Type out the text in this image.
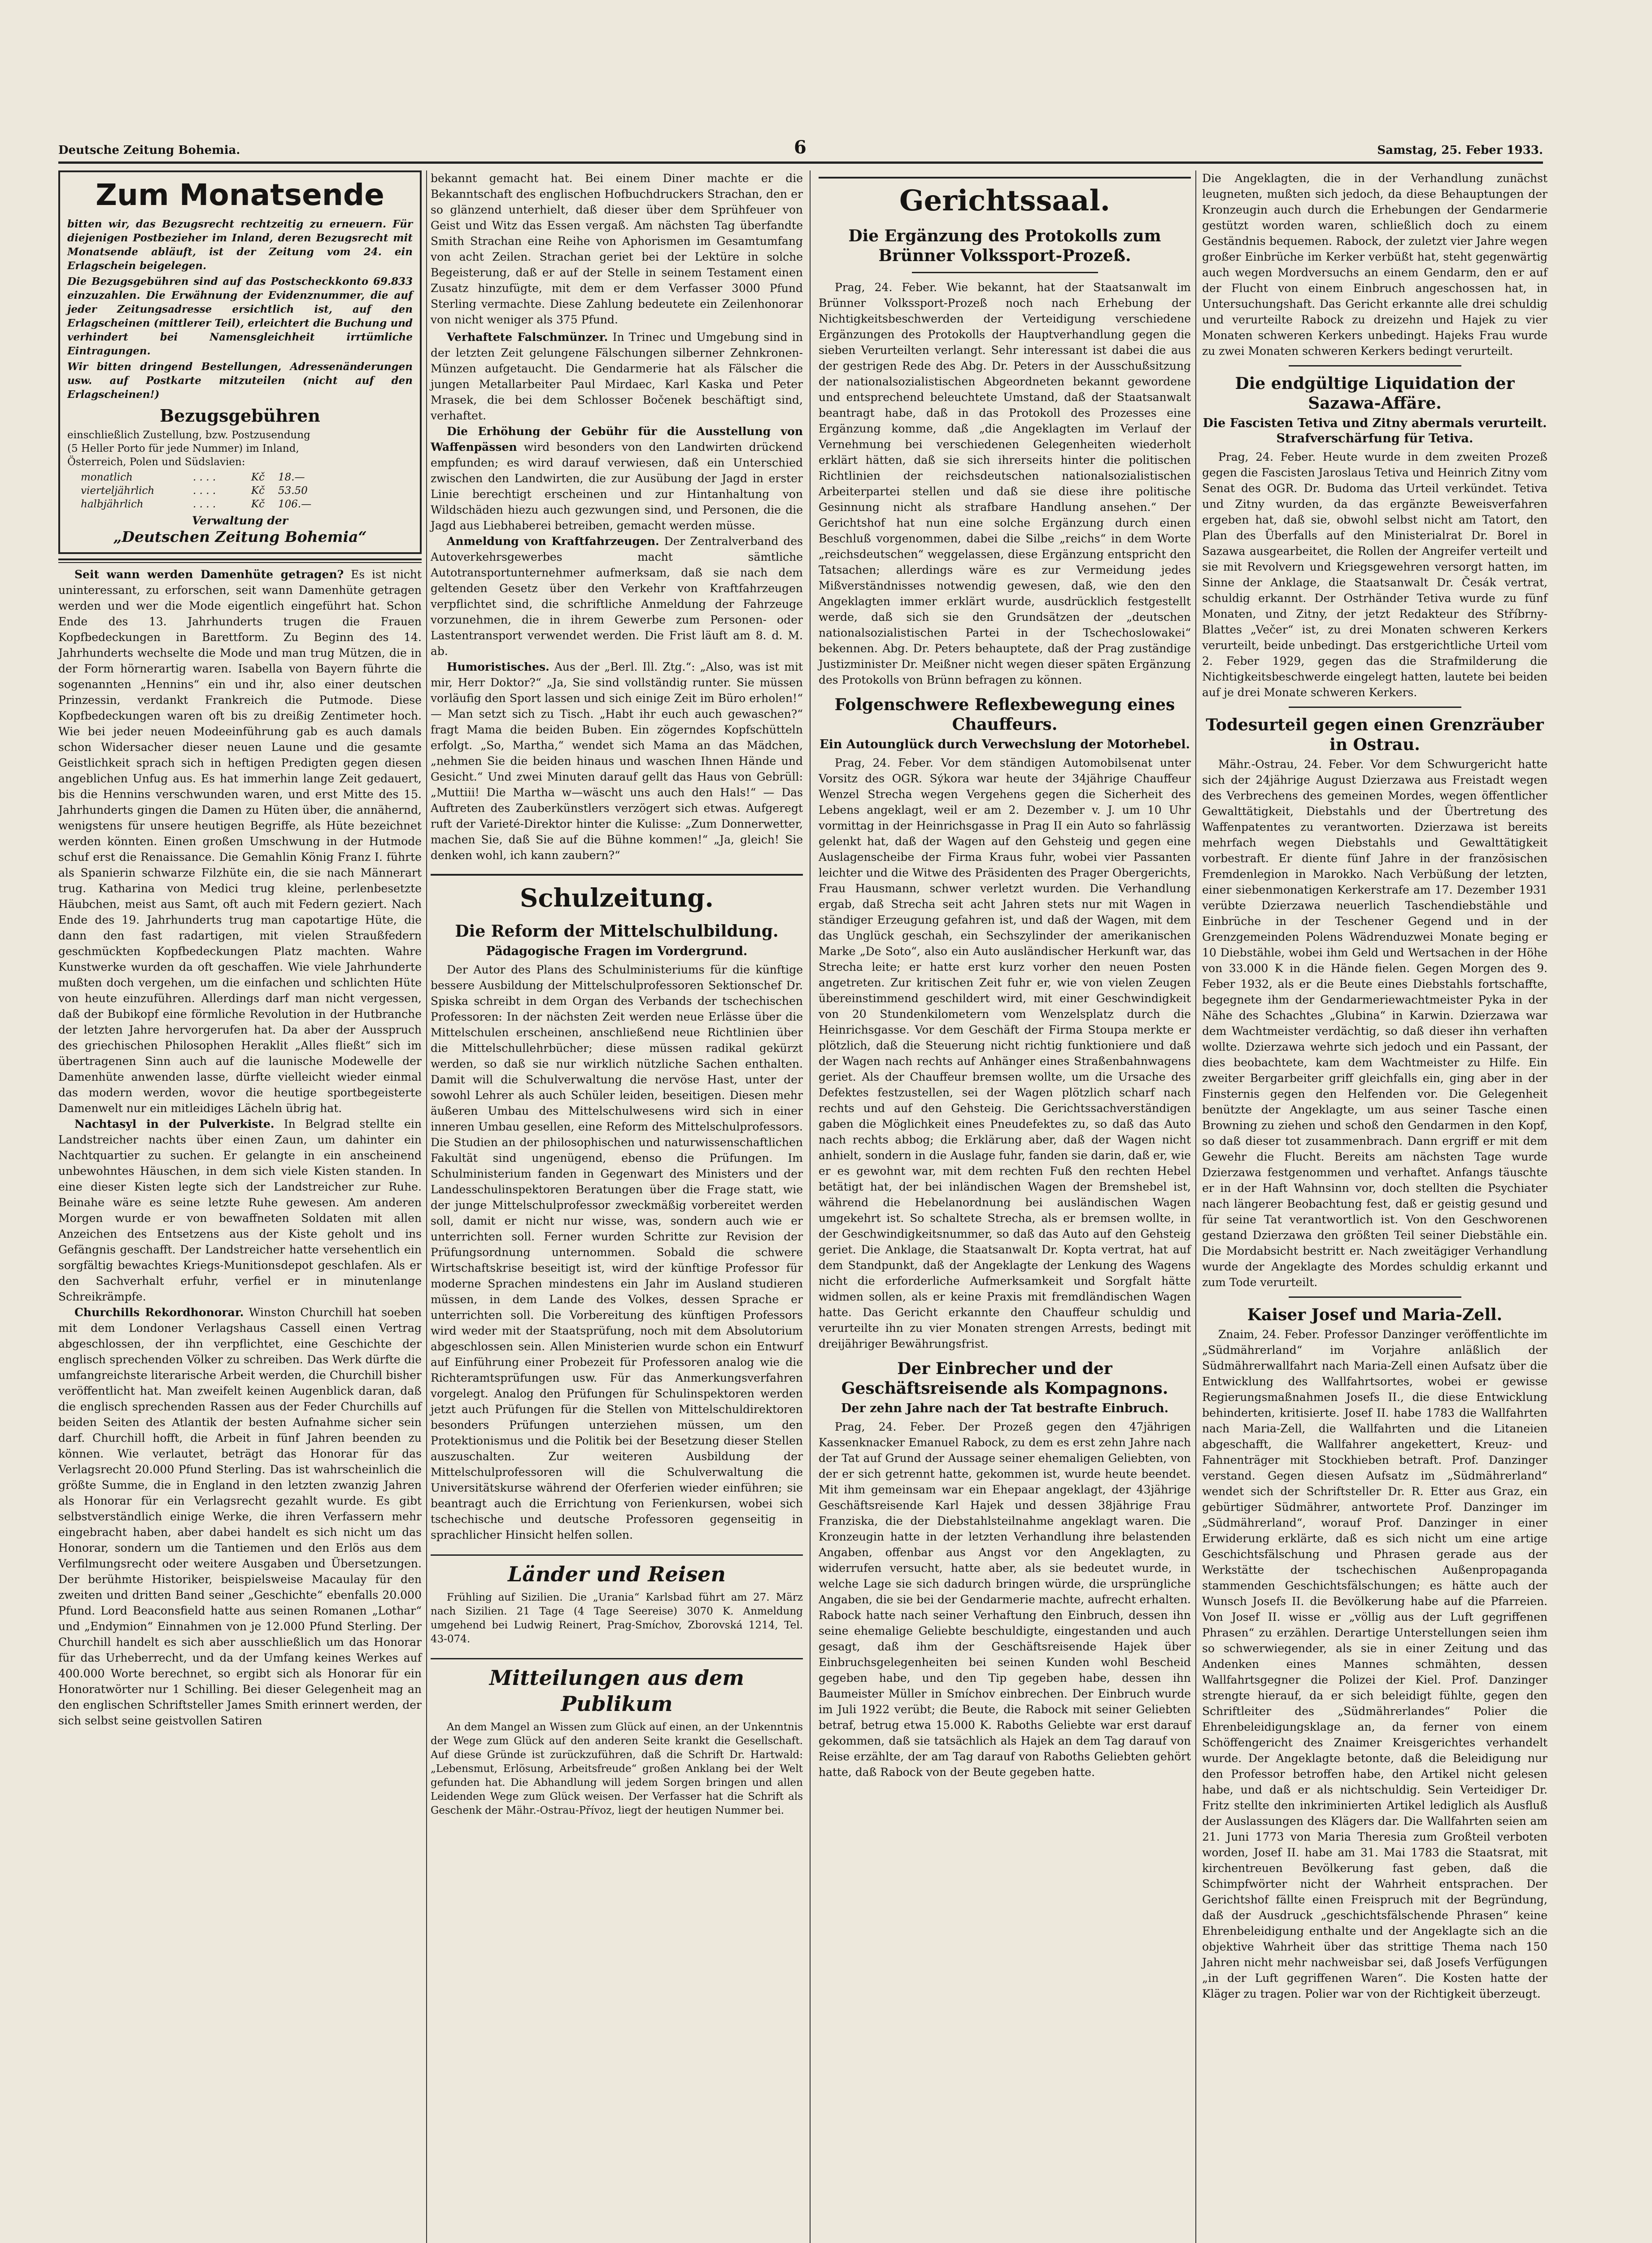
Deutsche Zeitung Bohemia.	6	Samstag, 25. Feber 1933.
Zum Monatsende

bitten wir, das Bezugsrecht rechtzeitig zu erneuern. Für diejenigen Postbezieher im Inland, deren Bezugsrecht mit Monatsende abläuft, ist der Zeitung vom 24. ein Erlagschein beigelegen.

Die Bezugsgebühren sind auf das Postscheckkonto 69.833 einzuzahlen. Die Erwähnung der Evidenznummer, die auf jeder Zeitungsadresse ersichtlich ist, auf den Erlagscheinen (mittlerer Teil), erleichtert die Buchung und verhindert bei Namensgleichheit irrtümliche Eintragungen.

Wir bitten dringend Bestellungen, Adressenänderungen usw. auf Postkarte mitzuteilen (nicht auf den Erlagscheinen!)

Bezugsgebühren
einschließlich Zustellung, bzw. Postzusendung
(5 Heller Porto für jede Nummer) im Inland,
Österreich, Polen und Südslavien:
monatlich	. . . .	Kč	18.—
vierteljährlich	. . . .	Kč	53.50
halbjährlich	. . . .	Kč	106.—
Verwaltung der
„Deutschen Zeitung Bohemia“

Seit wann werden Damenhüte getragen? Es ist nicht uninteressant, zu erforschen, seit wann Damenhüte getragen werden und wer die Mode eigentlich eingeführt hat. Schon Ende des 13. Jahrhunderts trugen die Frauen Kopfbedeckungen in Barettform. Zu Beginn des 14. Jahrhunderts wechselte die Mode und man trug Mützen, die in der Form hörnerartig waren. Isabella von Bayern führte die sogenannten „Hennins“ ein und ihr, also einer deutschen Prinzessin, verdankt Frankreich die Putmode. Diese Kopfbedeckungen waren oft bis zu dreißig Zentimeter hoch. Wie bei jeder neuen Modeeinführung gab es auch damals schon Widersacher dieser neuen Laune und die gesamte Geistlichkeit sprach sich in heftigen Predigten gegen diesen angeblichen Unfug aus. Es hat immerhin lange Zeit gedauert, bis die Hennins verschwunden waren, und erst Mitte des 15. Jahrhunderts gingen die Damen zu Hüten über, die annähernd, wenigstens für unsere heutigen Begriffe, als Hüte bezeichnet werden könnten. Einen großen Umschwung in der Hutmode schuf erst die Renaissance. Die Gemahlin König Franz I. führte als Spanierin schwarze Filzhüte ein, die sie nach Männerart trug. Katharina von Medici trug kleine, perlenbesetzte Häubchen, meist aus Samt, oft auch mit Federn geziert. Nach Ende des 19. Jahrhunderts trug man capotartige Hüte, die dann den fast radartigen, mit vielen Straußfedern geschmückten Kopfbedeckungen Platz machten. Wahre Kunstwerke wurden da oft geschaffen. Wie viele Jahrhunderte mußten doch vergehen, um die einfachen und schlichten Hüte von heute einzuführen. Allerdings darf man nicht vergessen, daß der Bubikopf eine förmliche Revolution in der Hutbranche der letzten Jahre hervorgerufen hat. Da aber der Ausspruch des griechischen Philosophen Heraklit „Alles fließt“ sich im übertragenen Sinn auch auf die launische Modewelle der Damenhüte anwenden lasse, dürfte vielleicht wieder einmal das modern werden, wovor die heutige sportbegeisterte Damenwelt nur ein mitleidiges Lächeln übrig hat.

Nachtasyl in der Pulverkiste. In Belgrad stellte ein Landstreicher nachts über einen Zaun, um dahinter ein Nachtquartier zu suchen. Er gelangte in ein anscheinend unbewohntes Häuschen, in dem sich viele Kisten standen. In eine dieser Kisten legte sich der Landstreicher zur Ruhe. Beinahe wäre es seine letzte Ruhe gewesen. Am anderen Morgen wurde er von bewaffneten Soldaten mit allen Anzeichen des Entsetzens aus der Kiste geholt und ins Gefängnis geschafft. Der Landstreicher hatte versehentlich ein sorgfältig bewachtes Kriegs-Munitionsdepot geschlafen. Als er den Sachverhalt erfuhr, verfiel er in minutenlange Schreikrämpfe.

Churchills Rekordhonorar. Winston Churchill hat soeben mit dem Londoner Verlagshaus Cassell einen Vertrag abgeschlossen, der ihn verpflichtet, eine Geschichte der englisch sprechenden Völker zu schreiben. Das Werk dürfte die umfangreichste literarische Arbeit werden, die Churchill bisher veröffentlicht hat. Man zweifelt keinen Augenblick daran, daß die englisch sprechenden Rassen aus der Feder Churchills auf beiden Seiten des Atlantik der besten Aufnahme sicher sein darf. Churchill hofft, die Arbeit in fünf Jahren beenden zu können. Wie verlautet, beträgt das Honorar für das Verlagsrecht 20.000 Pfund Sterling. Das ist wahrscheinlich die größte Summe, die in England in den letzten zwanzig Jahren als Honorar für ein Verlagsrecht gezahlt wurde. Es gibt selbstverständlich einige Werke, die ihren Verfassern mehr eingebracht haben, aber dabei handelt es sich nicht um das Honorar, sondern um die Tantiemen und den Erlös aus dem Verfilmungsrecht oder weitere Ausgaben und Übersetzungen. Der berühmte Historiker, beispielsweise Macaulay für den zweiten und dritten Band seiner „Geschichte“ ebenfalls 20.000 Pfund. Lord Beaconsfield hatte aus seinen Romanen „Lothar“ und „Endymion“ Einnahmen von je 12.000 Pfund Sterling. Der Churchill handelt es sich aber ausschließlich um das Honorar für das Urheberrecht, und da der Umfang keines Werkes auf 400.000 Worte berechnet, so ergibt sich als Honorar für ein Honoratwörter nur 1 Schilling. Bei dieser Gelegenheit mag an den englischen Schriftsteller James Smith erinnert werden, der sich selbst seine geistvollen Satiren

bekannt gemacht hat. Bei einem Diner machte er die Bekanntschaft des englischen Hofbuchdruckers Strachan, den er so glänzend unterhielt, daß dieser über dem Sprühfeuer von Geist und Witz das Essen vergaß. Am nächsten Tag überfandte Smith Strachan eine Reihe von Aphorismen im Gesamtumfang von acht Zeilen. Strachan geriet bei der Lektüre in solche Begeisterung, daß er auf der Stelle in seinem Testament einen Zusatz hinzufügte, mit dem er dem Verfasser 3000 Pfund Sterling vermachte. Diese Zahlung bedeutete ein Zeilenhonorar von nicht weniger als 375 Pfund.

Verhaftete Falschmünzer. In Trinec und Umgebung sind in der letzten Zeit gelungene Fälschungen silberner Zehnkronen-Münzen aufgetaucht. Die Gendarmerie hat als Fälscher die jungen Metallarbeiter Paul Mirdaec, Karl Kaska und Peter Mrasek, die bei dem Schlosser Bočenek beschäftigt sind, verhaftet.

Die Erhöhung der Gebühr für die Ausstellung von Waffenpässen wird besonders von den Landwirten drückend empfunden; es wird darauf verwiesen, daß ein Unterschied zwischen den Landwirten, die zur Ausübung der Jagd in erster Linie berechtigt erscheinen und zur Hintanhaltung von Wildschäden hiezu auch gezwungen sind, und Personen, die die Jagd aus Liebhaberei betreiben, gemacht werden müsse.

Anmeldung von Kraftfahrzeugen. Der Zentralverband des Autoverkehrsgewerbes macht sämtliche Autotransportunternehmer aufmerksam, daß sie nach dem geltenden Gesetz über den Verkehr von Kraftfahrzeugen verpflichtet sind, die schriftliche Anmeldung der Fahrzeuge vorzunehmen, die in ihrem Gewerbe zum Personen- oder Lastentransport verwendet werden. Die Frist läuft am 8. d. M. ab.

Humoristisches. Aus der „Berl. Ill. Ztg.“: „Also, was ist mit mir, Herr Doktor?“ „Ja, Sie sind vollständig runter. Sie müssen vorläufig den Sport lassen und sich einige Zeit im Büro erholen!“ — Man setzt sich zu Tisch. „Habt ihr euch auch gewaschen?“ fragt Mama die beiden Buben. Ein zögerndes Kopfschütteln erfolgt. „So, Martha,“ wendet sich Mama an das Mädchen, „nehmen Sie die beiden hinaus und waschen Ihnen Hände und Gesicht.“ Und zwei Minuten darauf gellt das Haus von Gebrüll: „Muttiii! Die Martha w—wäscht uns auch den Hals!“ — Das Auftreten des Zauberkünstlers verzögert sich etwas. Aufgeregt ruft der Varieté-Direktor hinter die Kulisse: „Zum Donnerwetter, machen Sie, daß Sie auf die Bühne kommen!“ „Ja, gleich! Sie denken wohl, ich kann zaubern?“

Schulzeitung.
Die Reform der Mittelschulbildung.
Pädagogische Fragen im Vordergrund.

Der Autor des Plans des Schulministeriums für die künftige bessere Ausbildung der Mittelschulprofessoren Sektionschef Dr. Spiska schreibt in dem Organ des Verbands der tschechischen Professoren: In der nächsten Zeit werden neue Erlässe über die Mittelschulen erscheinen, anschließend neue Richtlinien über die Mittelschullehrbücher; diese müssen radikal gekürzt werden, so daß sie nur wirklich nützliche Sachen enthalten. Damit will die Schulverwaltung die nervöse Hast, unter der sowohl Lehrer als auch Schüler leiden, beseitigen. Diesen mehr äußeren Umbau des Mittelschulwesens wird sich in einer inneren Umbau gesellen, eine Reform des Mittelschulprofessors. Die Studien an der philosophischen und naturwissenschaftlichen Fakultät sind ungenügend, ebenso die Prüfungen. Im Schulministerium fanden in Gegenwart des Ministers und der Landesschulinspektoren Beratungen über die Frage statt, wie der junge Mittelschulprofessor zweckmäßig vorbereitet werden soll, damit er nicht nur wisse, was, sondern auch wie er unterrichten soll. Ferner wurden Schritte zur Revision der Prüfungsordnung unternommen. Sobald die schwere Wirtschaftskrise beseitigt ist, wird der künftige Professor für moderne Sprachen mindestens ein Jahr im Ausland studieren müssen, in dem Lande des Volkes, dessen Sprache er unterrichten soll. Die Vorbereitung des künftigen Professors wird weder mit der Staatsprüfung, noch mit dem Absolutorium abgeschlossen sein. Allen Ministerien wurde schon ein Entwurf auf Einführung einer Probezeit für Professoren analog wie die Richteramtsprüfungen usw. Für das Anmerkungsverfahren vorgelegt. Analog den Prüfungen für Schulinspektoren werden jetzt auch Prüfungen für die Stellen von Mittelschuldirektoren besonders Prüfungen unterziehen müssen, um den Protektionismus und die Politik bei der Besetzung dieser Stellen auszuschalten. Zur weiteren Ausbildung der Mittelschulprofessoren will die Schulverwaltung die Universitätskurse während der Oferferien wieder einführen; sie beantragt auch die Errichtung von Ferienkursen, wobei sich tschechische und deutsche Professoren gegenseitig in sprachlicher Hinsicht helfen sollen.

Länder und Reisen

Frühling auf Sizilien. Die „Urania“ Karlsbad führt am 27. März nach Sizilien. 21 Tage (4 Tage Seereise) 3070 K. Anmeldung umgehend bei Ludwig Reinert, Prag-Smíchov, Zborovská 1214, Tel. 43-074.

Mitteilungen aus dem Publikum

An dem Mangel an Wissen zum Glück auf einen, an der Unkenntnis der Wege zum Glück auf den anderen Seite krankt die Gesellschaft. Auf diese Gründe ist zurückzuführen, daß die Schrift Dr. Hartwald: „Lebensmut, Erlösung, Arbeitsfreude“ großen Anklang bei der Welt gefunden hat. Die Abhandlung will jedem Sorgen bringen und allen Leidenden Wege zum Glück weisen. Der Verfasser hat die Schrift als Geschenk der Mähr.-Ostrau-Přívoz, liegt der heutigen Nummer bei.

Gerichtssaal.
Die Ergänzung des Protokolls zum Brünner Volkssport-Prozeß.

Prag, 24. Feber. Wie bekannt, hat der Staatsanwalt im Brünner Volkssport-Prozeß noch nach Erhebung der Nichtigkeitsbeschwerden der Verteidigung verschiedene Ergänzungen des Protokolls der Hauptverhandlung gegen die sieben Verurteilten verlangt. Sehr interessant ist dabei die aus der gestrigen Rede des Abg. Dr. Peters in der Ausschußsitzung der nationalsozialistischen Abgeordneten bekannt gewordene und entsprechend beleuchtete Umstand, daß der Staatsanwalt beantragt habe, daß in das Protokoll des Prozesses eine Ergänzung komme, daß „die Angeklagten im Verlauf der Vernehmung bei verschiedenen Gelegenheiten wiederholt erklärt hätten, daß sie sich ihrerseits hinter die politischen Richtlinien der reichsdeutschen nationalsozialistischen Arbeiterpartei stellen und daß sie diese ihre politische Gesinnung nicht als strafbare Handlung ansehen.“ Der Gerichtshof hat nun eine solche Ergänzung durch einen Beschluß vorgenommen, dabei die Silbe „reichs“ in dem Worte „reichsdeutschen“ weggelassen, diese Ergänzung entspricht den Tatsachen; allerdings wäre es zur Vermeidung jedes Mißverständnisses notwendig gewesen, daß, wie den den Angeklagten immer erklärt wurde, ausdrücklich festgestellt werde, daß sich sie den Grundsätzen der „deutschen nationalsozialistischen Partei in der Tschechoslowakei“ bekennen. Abg. Dr. Peters behauptete, daß der Prag zuständige Justizminister Dr. Meißner nicht wegen dieser späten Ergänzung des Protokolls von Brünn befragen zu können.

Folgenschwere Reflexbewegung eines Chauffeurs.
Ein Autounglück durch Verwechslung der Motorhebel.

Prag, 24. Feber. Vor dem ständigen Automobilsenat unter Vorsitz des OGR. Sýkora war heute der 34jährige Chauffeur Wenzel Strecha wegen Vergehens gegen die Sicherheit des Lebens angeklagt, weil er am 2. Dezember v. J. um 10 Uhr vormittag in der Heinrichsgasse in Prag II ein Auto so fahrlässig gelenkt hat, daß der Wagen auf den Gehsteig und gegen eine Auslagenscheibe der Firma Kraus fuhr, wobei vier Passanten leichter und die Witwe des Präsidenten des Prager Obergerichts, Frau Hausmann, schwer verletzt wurden. Die Verhandlung ergab, daß Strecha seit acht Jahren stets nur mit Wagen in ständiger Erzeugung gefahren ist, und daß der Wagen, mit dem das Unglück geschah, ein Sechszylinder der amerikanischen Marke „De Soto“, also ein Auto ausländischer Herkunft war, das Strecha leite; er hatte erst kurz vorher den neuen Posten angetreten. Zur kritischen Zeit fuhr er, wie von vielen Zeugen übereinstimmend geschildert wird, mit einer Geschwindigkeit von 20 Stundenkilometern vom Wenzelsplatz durch die Heinrichsgasse. Vor dem Geschäft der Firma Stoupa merkte er plötzlich, daß die Steuerung nicht richtig funktioniere und daß der Wagen nach rechts auf Anhänger eines Straßenbahnwagens geriet. Als der Chauffeur bremsen wollte, um die Ursache des Defektes festzustellen, sei der Wagen plötzlich scharf nach rechts und auf den Gehsteig. Die Gerichtssachverständigen gaben die Möglichkeit eines Pneudefektes zu, so daß das Auto nach rechts abbog; die Erklärung aber, daß der Wagen nicht anhielt, sondern in die Auslage fuhr, fanden sie darin, daß er, wie er es gewohnt war, mit dem rechten Fuß den rechten Hebel betätigt hat, der bei inländischen Wagen der Bremshebel ist, während die Hebelanordnung bei ausländischen Wagen umgekehrt ist. So schaltete Strecha, als er bremsen wollte, in der Geschwindigkeitsnummer, so daß das Auto auf den Gehsteig geriet. Die Anklage, die Staatsanwalt Dr. Kopta vertrat, hat auf dem Standpunkt, daß der Angeklagte der Lenkung des Wagens nicht die erforderliche Aufmerksamkeit und Sorgfalt hätte widmen sollen, als er keine Praxis mit fremdländischen Wagen hatte. Das Gericht erkannte den Chauffeur schuldig und verurteilte ihn zu vier Monaten strengen Arrests, bedingt mit dreijähriger Bewährungsfrist.

Der Einbrecher und der Geschäftsreisende als Kompagnons.
Der zehn Jahre nach der Tat bestrafte Einbruch.

Prag, 24. Feber. Der Prozeß gegen den 47jährigen Kassenknacker Emanuel Rabock, zu dem es erst zehn Jahre nach der Tat auf Grund der Aussage seiner ehemaligen Geliebten, von der er sich getrennt hatte, gekommen ist, wurde heute beendet. Mit ihm gemeinsam war ein Ehepaar angeklagt, der 43jährige Geschäftsreisende Karl Hajek und dessen 38jährige Frau Franziska, die der Diebstahlsteilnahme angeklagt waren. Die Kronzeugin hatte in der letzten Verhandlung ihre belastenden Angaben, offenbar aus Angst vor den Angeklagten, zu widerrufen versucht, hatte aber, als sie bedeutet wurde, in welche Lage sie sich dadurch bringen würde, die ursprüngliche Angaben, die sie bei der Gendarmerie machte, aufrecht erhalten. Rabock hatte nach seiner Verhaftung den Einbruch, dessen ihn seine ehemalige Geliebte beschuldigte, eingestanden und auch gesagt, daß ihm der Geschäftsreisende Hajek über Einbruchsgelegenheiten bei seinen Kunden wohl Bescheid gegeben habe, und den Tip gegeben habe, dessen ihn Baumeister Müller in Smíchov einbrechen. Der Einbruch wurde im Juli 1922 verübt; die Beute, die Rabock mit seiner Geliebten betraf, betrug etwa 15.000 K. Raboths Geliebte war erst darauf gekommen, daß sie tatsächlich als Hajek an dem Tag darauf von Reise erzählte, der am Tag darauf von Raboths Geliebten gehört hatte, daß Rabock von der Beute gegeben hatte.

Die Angeklagten, die in der Verhandlung zunächst leugneten, mußten sich jedoch, da diese Behauptungen der Kronzeugin auch durch die Erhebungen der Gendarmerie gestützt worden waren, schließlich doch zu einem Geständnis bequemen. Rabock, der zuletzt vier Jahre wegen großer Einbrüche im Kerker verbüßt hat, steht gegenwärtig auch wegen Mordversuchs an einem Gendarm, den er auf der Flucht von einem Einbruch angeschossen hat, in Untersuchungshaft. Das Gericht erkannte alle drei schuldig und verurteilte Rabock zu dreizehn und Hajek zu vier Monaten schweren Kerkers unbedingt. Hajeks Frau wurde zu zwei Monaten schweren Kerkers bedingt verurteilt.

Die endgültige Liquidation der Sazawa-Affäre.
Die Fascisten Tetiva und Zitny abermals verurteilt. Strafverschärfung für Tetiva.

Prag, 24. Feber. Heute wurde in dem zweiten Prozeß gegen die Fascisten Jaroslaus Tetiva und Heinrich Zitny vom Senat des OGR. Dr. Budoma das Urteil verkündet. Tetiva und Zitny wurden, da das ergänzte Beweisverfahren ergeben hat, daß sie, obwohl selbst nicht am Tatort, den Plan des Überfalls auf den Ministerialrat Dr. Borel in Sazawa ausgearbeitet, die Rollen der Angreifer verteilt und sie mit Revolvern und Kriegsgewehren versorgt hatten, im Sinne der Anklage, die Staatsanwalt Dr. Česák vertrat, schuldig erkannt. Der Ostrhänder Tetiva wurde zu fünf Monaten, und Zitny, der jetzt Redakteur des Stříbrny-Blattes „Večer“ ist, zu drei Monaten schweren Kerkers verurteilt, beide unbedingt. Das erstgerichtliche Urteil vom 2. Feber 1929, gegen das die Strafmilderung die Nichtigkeitsbeschwerde eingelegt hatten, lautete bei beiden auf je drei Monate schweren Kerkers.

Todesurteil gegen einen Grenzräuber in Ostrau.

Mähr.-Ostrau, 24. Feber. Vor dem Schwurgericht hatte sich der 24jährige August Dzierzawa aus Freistadt wegen des Verbrechens des gemeinen Mordes, wegen öffentlicher Gewalttätigkeit, Diebstahls und der Übertretung des Waffenpatentes zu verantworten. Dzierzawa ist bereits mehrfach wegen Diebstahls und Gewalttätigkeit vorbestraft. Er diente fünf Jahre in der französischen Fremdenlegion in Marokko. Nach Verbüßung der letzten, einer siebenmonatigen Kerkerstrafe am 17. Dezember 1931 verübte Dzierzawa neuerlich Taschendiebstähle und Einbrüche in der Teschener Gegend und in der Grenzgemeinden Polens Wädrenduzwei Monate beging er 10 Diebstähle, wobei ihm Geld und Wertsachen in der Höhe von 33.000 K in die Hände fielen. Gegen Morgen des 9. Feber 1932, als er die Beute eines Diebstahls fortschaffte, begegnete ihm der Gendarmeriewachtmeister Pyka in der Nähe des Schachtes „Glubina“ in Karwin. Dzierzawa war dem Wachtmeister verdächtig, so daß dieser ihn verhaften wollte. Dzierzawa wehrte sich jedoch und ein Passant, der dies beobachtete, kam dem Wachtmeister zu Hilfe. Ein zweiter Bergarbeiter griff gleichfalls ein, ging aber in der Finsternis gegen den Helfenden vor. Die Gelegenheit benützte der Angeklagte, um aus seiner Tasche einen Browning zu ziehen und schoß den Gendarmen in den Kopf, so daß dieser tot zusammenbrach. Dann ergriff er mit dem Gewehr die Flucht. Bereits am nächsten Tage wurde Dzierzawa festgenommen und verhaftet. Anfangs täuschte er in der Haft Wahnsinn vor, doch stellten die Psychiater nach längerer Beobachtung fest, daß er geistig gesund und für seine Tat verantwortlich ist. Von den Geschworenen gestand Dzierzawa den größten Teil seiner Diebstähle ein. Die Mordabsicht bestritt er. Nach zweitägiger Verhandlung wurde der Angeklagte des Mordes schuldig erkannt und zum Tode verurteilt.

Kaiser Josef und Maria-Zell.

Znaim, 24. Feber. Professor Danzinger veröffentlichte im „Südmährerland“ im Vorjahre anläßlich der Südmährerwallfahrt nach Maria-Zell einen Aufsatz über die Entwicklung des Wallfahrtsortes, wobei er gewisse Regierungsmaßnahmen Josefs II., die diese Entwicklung behinderten, kritisierte. Josef II. habe 1783 die Wallfahrten nach Maria-Zell, die Wallfahrten und die Litaneien abgeschafft, die Wallfahrer angekettert, Kreuz- und Fahnenträger mit Stockhieben betraft. Prof. Danzinger verstand. Gegen diesen Aufsatz im „Südmährerland“ wendet sich der Schriftsteller Dr. R. Etter aus Graz, ein gebürtiger Südmährer, antwortete Prof. Danzinger im „Südmährerland“, worauf Prof. Danzinger in einer Erwiderung erklärte, daß es sich nicht um eine artige Geschichtsfälschung und Phrasen gerade aus der Werkstätte der tschechischen Außenpropaganda stammenden Geschichtsfälschungen; es hätte auch der Wunsch Josefs II. die Bevölkerung habe auf die Pfarreien. Von Josef II. wisse er „völlig aus der Luft gegriffenen Phrasen“ zu erzählen. Derartige Unterstellungen seien ihm so schwerwiegender, als sie in einer Zeitung und das Andenken eines Mannes schmähten, dessen Wallfahrtsgegner die Polizei der Kiel. Prof. Danzinger strengte hierauf, da er sich beleidigt fühlte, gegen den Schriftleiter des „Südmährerlandes“ Polier die Ehrenbeleidigungsklage an, da ferner von einem Schöffengericht des Znaimer Kreisgerichtes verhandelt wurde. Der Angeklagte betonte, daß die Beleidigung nur den Professor betroffen habe, den Artikel nicht gelesen habe, und daß er als nichtschuldig. Sein Verteidiger Dr. Fritz stellte den inkriminierten Artikel lediglich als Ausfluß der Auslassungen des Klägers dar. Die Wallfahrten seien am 21. Juni 1773 von Maria Theresia zum Großteil verboten worden, Josef II. habe am 31. Mai 1783 die Staatsrat, mit kirchentreuen Bevölkerung fast geben, daß die Schimpfwörter nicht der Wahrheit entsprachen. Der Gerichtshof fällte einen Freispruch mit der Begründung, daß der Ausdruck „geschichtsfälschende Phrasen“ keine Ehrenbeleidigung enthalte und der Angeklagte sich an die objektive Wahrheit über das strittige Thema nach 150 Jahren nicht mehr nachweisbar sei, daß Josefs Verfügungen „in der Luft gegriffenen Waren“. Die Kosten hatte der Kläger zu tragen. Polier war von der Richtigkeit überzeugt.
